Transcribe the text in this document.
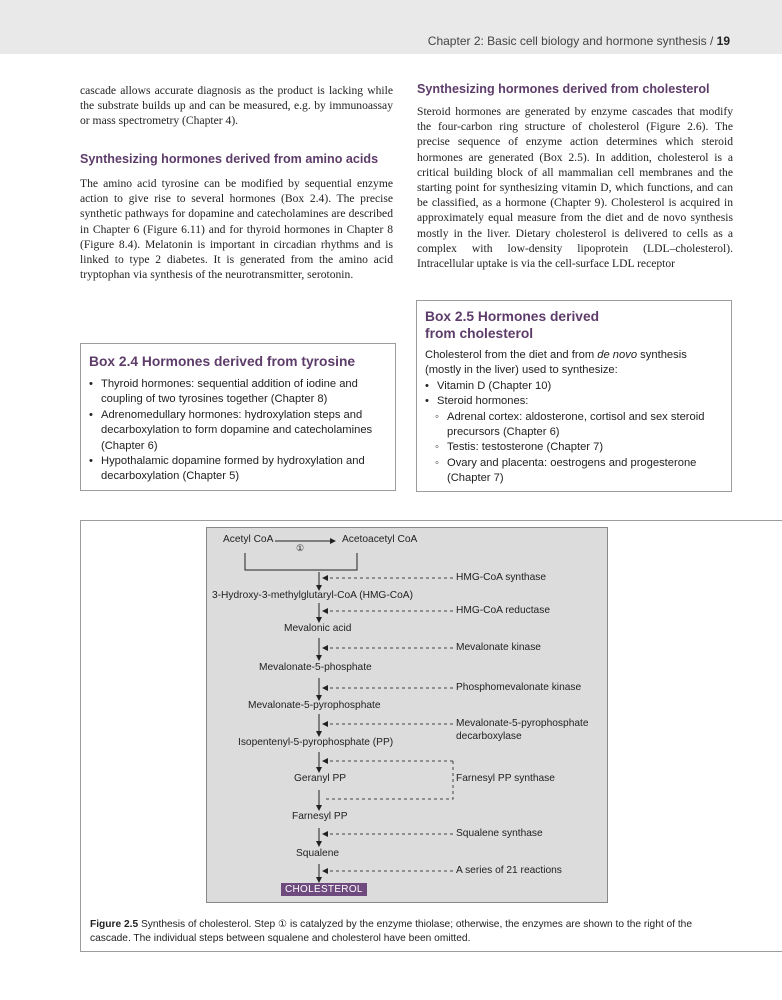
Chapter 2: Basic cell biology and hormone synthesis / 19
cascade allows accurate diagnosis as the product is lacking while the substrate builds up and can be measured, e.g. by immunoassay or mass spectrometry (Chapter 4).
Synthesizing hormones derived from amino acids
The amino acid tyrosine can be modified by sequential enzyme action to give rise to several hormones (Box 2.4). The precise synthetic pathways for dopamine and catecholamines are described in Chapter 6 (Figure 6.11) and for thyroid hormones in Chapter 8 (Figure 8.4). Melatonin is important in circadian rhythms and is linked to type 2 diabetes. It is generated from the amino acid tryptophan via synthesis of the neurotransmitter, serotonin.
Synthesizing hormones derived from cholesterol
Steroid hormones are generated by enzyme cascades that modify the four-carbon ring structure of cholesterol (Figure 2.6). The precise sequence of enzyme action determines which steroid hormones are generated (Box 2.5). In addition, cholesterol is a critical building block of all mammalian cell membranes and the starting point for synthesizing vitamin D, which functions, and can be classified, as a hormone (Chapter 9). Cholesterol is acquired in approximately equal measure from the diet and de novo synthesis mostly in the liver. Dietary cholesterol is delivered to cells as a complex with low-density lipoprotein (LDL–cholesterol). Intracellular uptake is via the cell-surface LDL receptor
Box 2.4 Hormones derived from tyrosine
• Thyroid hormones: sequential addition of iodine and coupling of two tyrosines together (Chapter 8)
• Adrenomedullary hormones: hydroxylation steps and decarboxylation to form dopamine and catecholamines (Chapter 6)
• Hypothalamic dopamine formed by hydroxylation and decarboxylation (Chapter 5)
Box 2.5 Hormones derived
from cholesterol
Cholesterol from the diet and from de novo synthesis (mostly in the liver) used to synthesize:
• Vitamin D (Chapter 10)
• Steroid hormones:
◦ Adrenal cortex: aldosterone, cortisol and sex steroid precursors (Chapter 6)
◦ Testis: testosterone (Chapter 7)
◦ Ovary and placenta: oestrogens and progesterone (Chapter 7)
Acetyl CoA	Acetoacetyl CoA
①
3-Hydroxy-3-methylglutaryl-CoA (HMG-CoA)
Mevalonic acid
Mevalonate-5-phosphate
Mevalonate-5-pyrophosphate
Isopentenyl-5-pyrophosphate (PP)
Geranyl PP
Farnesyl PP
Squalene
CHOLESTEROL
HMG-CoA synthase
HMG-CoA reductase
Mevalonate kinase
Phosphomevalonate kinase
Mevalonate-5-pyrophosphate
decarboxylase
Farnesyl PP synthase
Squalene synthase
A series of 21 reactions
Figure 2.5 Synthesis of cholesterol. Step ① is catalyzed by the enzyme thiolase; otherwise, the enzymes are shown to the right of the cascade. The individual steps between squalene and cholesterol have been omitted.
